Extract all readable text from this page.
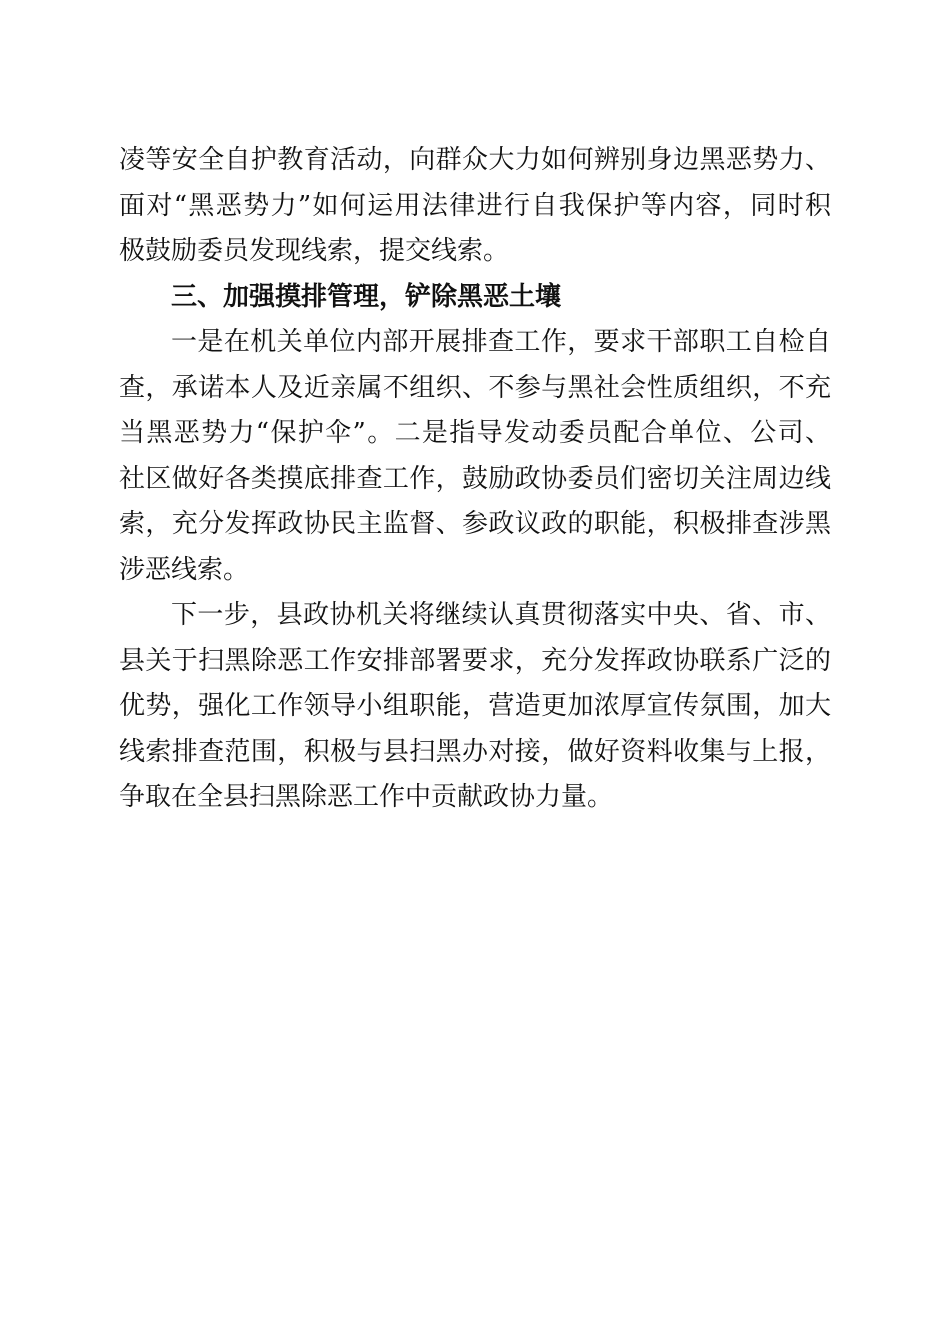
凌等安全自护教育活动，向群众大力如何辨别身边黑恶势力、
面对“黑恶势力”如何运用法律进行自我保护等内容，同时积
极鼓励委员发现线索，提交线索。
三、加强摸排管理，铲除黑恶土壤
一是在机关单位内部开展排查工作，要求干部职工自检自
查，承诺本人及近亲属不组织、不参与黑社会性质组织，不充
当黑恶势力“保护伞”。二是指导发动委员配合单位、公司、
社区做好各类摸底排查工作，鼓励政协委员们密切关注周边线
索，充分发挥政协民主监督、参政议政的职能，积极排查涉黑
涉恶线索。
下一步，县政协机关将继续认真贯彻落实中央、省、市、
县关于扫黑除恶工作安排部署要求，充分发挥政协联系广泛的
优势，强化工作领导小组职能，营造更加浓厚宣传氛围，加大
线索排查范围，积极与县扫黑办对接，做好资料收集与上报，
争取在全县扫黑除恶工作中贡献政协力量。
